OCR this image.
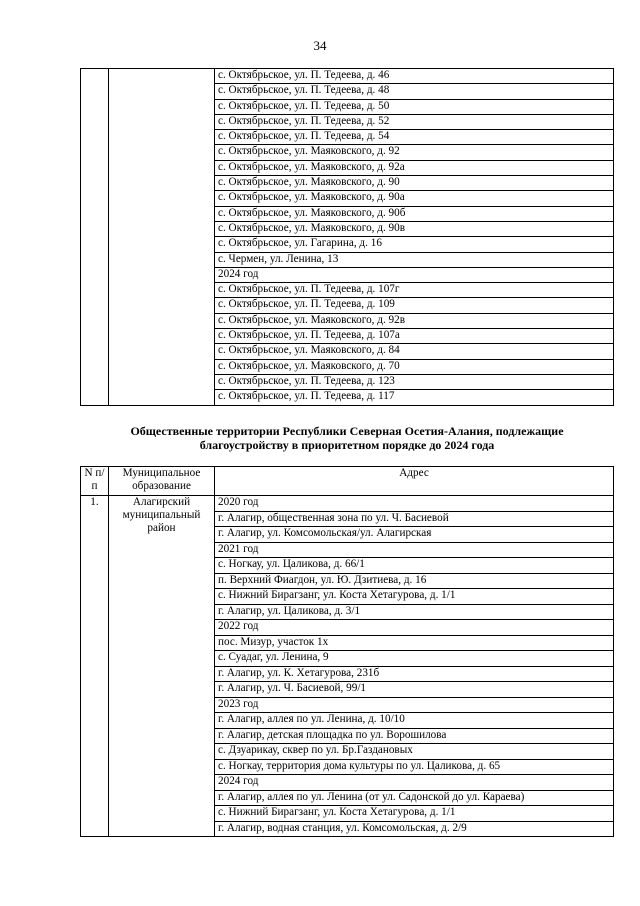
34
		с. Октябрьское, ул. П. Тедеева, д. 46
с. Октябрьское, ул. П. Тедеева, д. 48
с. Октябрьское, ул. П. Тедеева, д. 50
с. Октябрьское, ул. П. Тедеева, д. 52
с. Октябрьское, ул. П. Тедеева, д. 54
с. Октябрьское, ул. Маяковского, д. 92
с. Октябрьское, ул. Маяковского, д. 92а
с. Октябрьское, ул. Маяковского, д. 90
с. Октябрьское, ул. Маяковского, д. 90а
с. Октябрьское, ул. Маяковского, д. 90б
с. Октябрьское, ул. Маяковского, д. 90в
с. Октябрьское, ул. Гагарина, д. 16
с. Чермен, ул. Ленина, 13
2024 год
с. Октябрьское, ул. П. Тедеева, д. 107г
с. Октябрьское, ул. П. Тедеева, д. 109
с. Октябрьское, ул. Маяковского, д. 92в
с. Октябрьское, ул. П. Тедеева, д. 107а
с. Октябрьское, ул. Маяковского, д. 84
с. Октябрьское, ул. Маяковского, д. 70
с. Октябрьское, ул. П. Тедеева, д. 123
с. Октябрьское, ул. П. Тедеева, д. 117
Общественные территории Республики Северная Осетия-Алания, подлежащие
благоустройству в приоритетном порядке до 2024 года
N п/п	Муниципальное образование	Адрес
1.	Алагирский муниципальный район	2020 год
		г. Алагир, общественная зона по ул. Ч. Басиевой
		г. Алагир, ул. Комсомольская/ул. Алагирская
		2021 год
		с. Ногкау, ул. Цаликова, д. 66/1
		п. Верхний Фиагдон, ул. Ю. Дзитиева, д. 16
		с. Нижний Бирагзанг, ул. Коста Хетагурова, д. 1/1
		г. Алагир, ул. Цаликова, д. 3/1
		2022 год
		пос. Мизур, участок 1х
		с. Суадаг, ул. Ленина, 9
		г. Алагир, ул. К. Хетагурова, 231б
		г. Алагир, ул. Ч. Басиевой, 99/1
		2023 год
		г. Алагир, аллея по ул. Ленина, д. 10/10
		г. Алагир, детская площадка по ул. Ворошилова
		с. Дзуарикау, сквер по ул. Бр.Газдановых
		с. Ногкау, территория дома культуры по ул. Цаликова, д. 65
		2024 год
		г. Алагир, аллея по ул. Ленина (от ул. Садонской до ул. Караева)
		с. Нижний Бирагзанг, ул. Коста Хетагурова, д. 1/1
		г. Алагир, водная станция, ул. Комсомольская, д. 2/9
